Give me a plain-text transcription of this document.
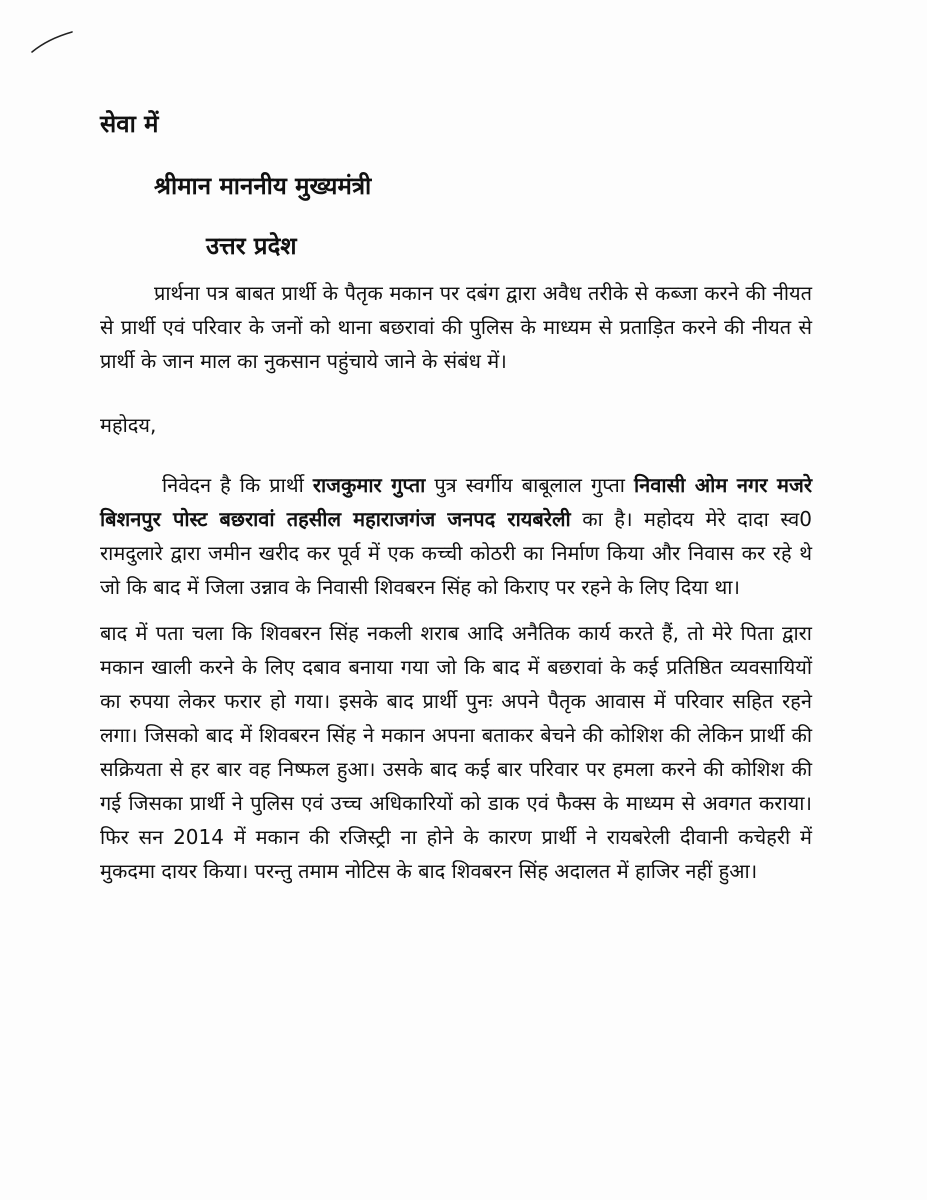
सेवा में
श्रीमान माननीय मुख्यमंत्री
उत्तर प्रदेश

प्रार्थना पत्र बाबत प्रार्थी के पैतृक मकान पर दबंग द्वारा अवैध तरीके से कब्जा करने की नीयत से प्रार्थी एवं परिवार के जनों को थाना बछरावां की पुलिस के माध्यम से प्रताड़ित करने की नीयत से प्रार्थी के जान माल का नुकसान पहुंचाये जाने के संबंध में।

महोदय,

निवेदन है कि प्रार्थी राजकुमार गुप्ता पुत्र स्वर्गीय बाबूलाल गुप्ता निवासी ओम नगर मजरे बिशनपुर पोस्ट बछरावां तहसील महाराजगंज जनपद रायबरेली का है। महोदय मेरे दादा स्व0 रामदुलारे द्वारा जमीन खरीद कर पूर्व में एक कच्ची कोठरी का निर्माण किया और निवास कर रहे थे जो कि बाद में जिला उन्नाव के निवासी शिवबरन सिंह को किराए पर रहने के लिए दिया था।

बाद में पता चला कि शिवबरन सिंह नकली शराब आदि अनैतिक कार्य करते हैं, तो मेरे पिता द्वारा मकान खाली करने के लिए दबाव बनाया गया जो कि बाद में बछरावां के कई प्रतिष्ठित व्यवसायियों का रुपया लेकर फरार हो गया। इसके बाद प्रार्थी पुनः अपने पैतृक आवास में परिवार सहित रहने लगा। जिसको बाद में शिवबरन सिंह ने मकान अपना बताकर बेचने की कोशिश की लेकिन प्रार्थी की सक्रियता से हर बार वह निष्फल हुआ। उसके बाद कई बार परिवार पर हमला करने की कोशिश की गई जिसका प्रार्थी ने पुलिस एवं उच्च अधिकारियों को डाक एवं फैक्स के माध्यम से अवगत कराया। फिर सन 2014 में मकान की रजिस्ट्री ना होने के कारण प्रार्थी ने रायबरेली दीवानी कचेहरी में मुकदमा दायर किया। परन्तु तमाम नोटिस के बाद शिवबरन सिंह अदालत में हाजिर नहीं हुआ।
